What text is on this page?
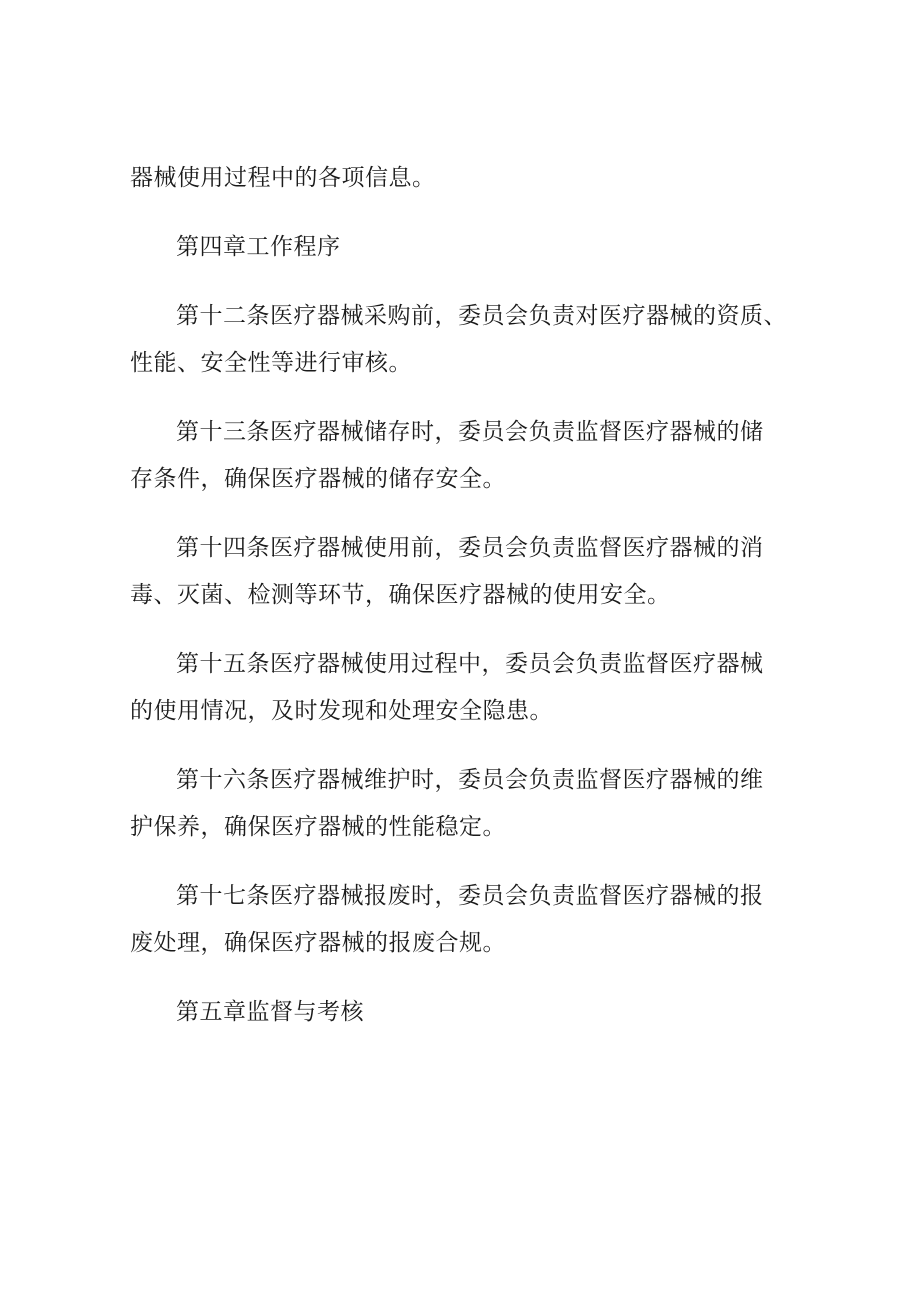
器械使用过程中的各项信息。

第四章工作程序

第十二条医疗器械采购前，委员会负责对医疗器械的资质、

性能、安全性等进行审核。

第十三条医疗器械储存时，委员会负责监督医疗器械的储

存条件，确保医疗器械的储存安全。

第十四条医疗器械使用前，委员会负责监督医疗器械的消

毒、灭菌、检测等环节，确保医疗器械的使用安全。

第十五条医疗器械使用过程中，委员会负责监督医疗器械

的使用情况，及时发现和处理安全隐患。

第十六条医疗器械维护时，委员会负责监督医疗器械的维

护保养，确保医疗器械的性能稳定。

第十七条医疗器械报废时，委员会负责监督医疗器械的报

废处理，确保医疗器械的报废合规。

第五章监督与考核
